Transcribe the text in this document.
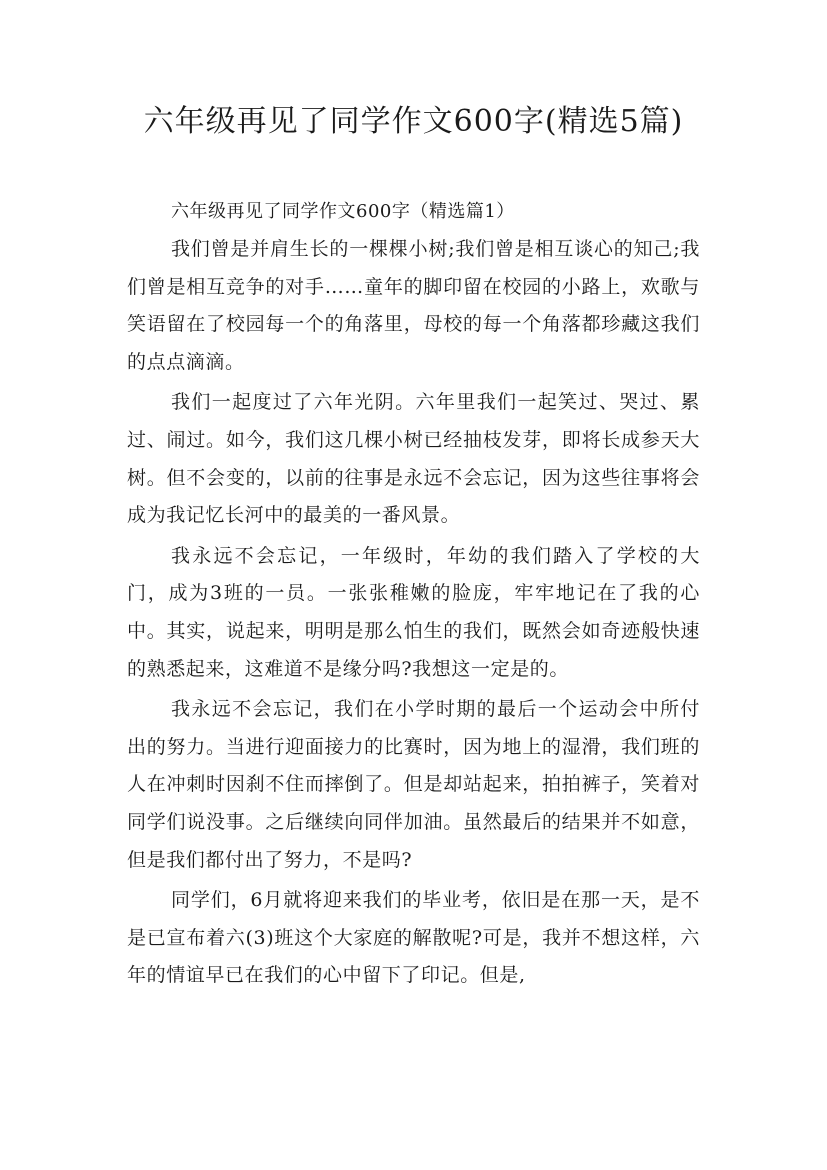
六年级再见了同学作文600字(精选5篇)

六年级再见了同学作文600字（精选篇1）

我们曾是并肩生长的一棵棵小树;我们曾是相互谈心的知己;我们曾是相互竞争的对手……童年的脚印留在校园的小路上，欢歌与笑语留在了校园每一个的角落里，母校的每一个角落都珍藏这我们的点点滴滴。

我们一起度过了六年光阴。六年里我们一起笑过、哭过、累过、闹过。如今，我们这几棵小树已经抽枝发芽，即将长成参天大树。但不会变的，以前的往事是永远不会忘记，因为这些往事将会成为我记忆长河中的最美的一番风景。

我永远不会忘记，一年级时，年幼的我们踏入了学校的大门，成为3班的一员。一张张稚嫩的脸庞，牢牢地记在了我的心中。其实，说起来，明明是那么怕生的我们，既然会如奇迹般快速的熟悉起来，这难道不是缘分吗?我想这一定是的。

我永远不会忘记，我们在小学时期的最后一个运动会中所付出的努力。当进行迎面接力的比赛时，因为地上的湿滑，我们班的人在冲刺时因刹不住而摔倒了。但是却站起来，拍拍裤子，笑着对同学们说没事。之后继续向同伴加油。虽然最后的结果并不如意，但是我们都付出了努力，不是吗?

同学们，6月就将迎来我们的毕业考，依旧是在那一天，是不是已宣布着六(3)班这个大家庭的解散呢?可是，我并不想这样，六年的情谊早已在我们的心中留下了印记。但是,
